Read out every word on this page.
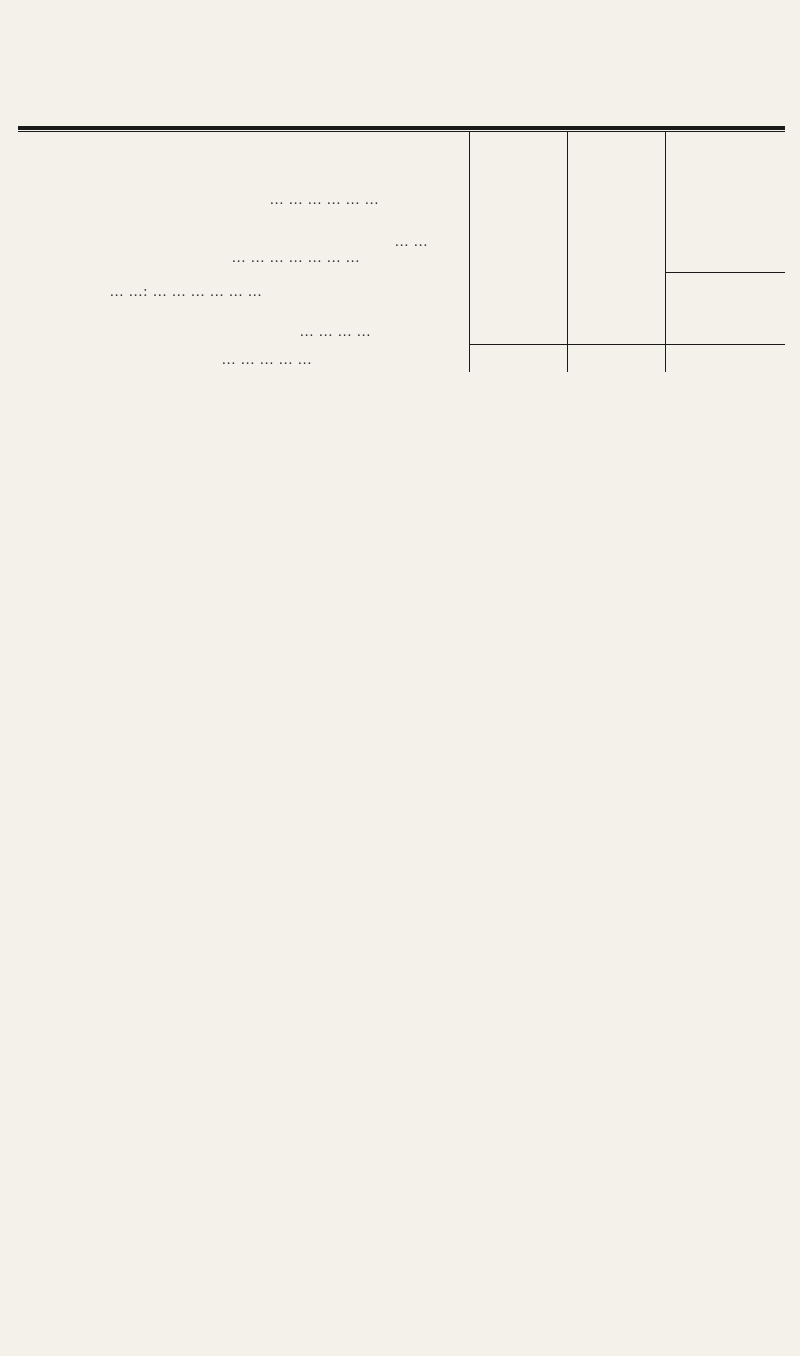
... ... ... ... ... ...
... ...
... ... ... ... ... ... ...
... ...: ... ... ... ... ... ...
... ... ... ...
... ... ... ... ...
